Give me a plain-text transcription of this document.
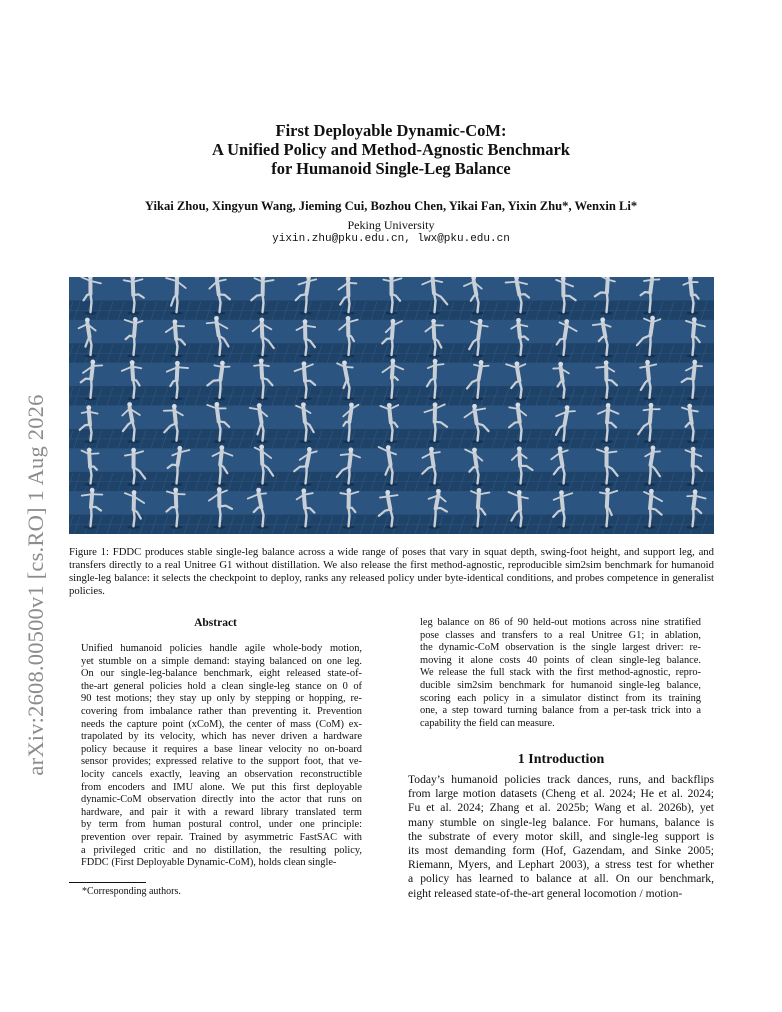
arXiv:2608.00500v1 [cs.RO] 1 Aug 2026
First Deployable Dynamic-CoM:
A Unified Policy and Method-Agnostic Benchmark
for Humanoid Single-Leg Balance
Yikai Zhou, Xingyun Wang, Jieming Cui, Bozhou Chen, Yikai Fan, Yixin Zhu*, Wenxin Li*
Peking University
yixin.zhu@pku.edu.cn, lwx@pku.edu.cn
Figure 1: FDDC produces stable single-leg balance across a wide range of poses that vary in squat depth, swing-foot height, and support leg, and transfers directly to a real Unitree G1 without distillation. We also release the first method-agnostic, reproducible sim2sim benchmark for humanoid single-leg balance: it selects the checkpoint to deploy, ranks any released policy under byte-identical conditions, and probes competence in generalist policies.
Abstract
Unified humanoid policies handle agile whole-body motion,
yet stumble on a simple demand: staying balanced on one leg.
On our single-leg-balance benchmark, eight released state-of-
the-art general policies hold a clean single-leg stance on 0 of
90 test motions; they stay up only by stepping or hopping, re-
covering from imbalance rather than preventing it. Prevention
needs the capture point (xCoM), the center of mass (CoM) ex-
trapolated by its velocity, which has never driven a hardware
policy because it requires a base linear velocity no on-board
sensor provides; expressed relative to the support foot, that ve-
locity cancels exactly, leaving an observation reconstructible
from encoders and IMU alone. We put this first deployable
dynamic-CoM observation directly into the actor that runs on
hardware, and pair it with a reward library translated term
by term from human postural control, under one principle:
prevention over repair. Trained by asymmetric FastSAC with
a privileged critic and no distillation, the resulting policy,
FDDC (First Deployable Dynamic-CoM), holds clean single-
leg balance on 86 of 90 held-out motions across nine stratified
pose classes and transfers to a real Unitree G1; in ablation,
the dynamic-CoM observation is the single largest driver: re-
moving it alone costs 40 points of clean single-leg balance.
We release the full stack with the first method-agnostic, repro-
ducible sim2sim benchmark for humanoid single-leg balance,
scoring each policy in a simulator distinct from its training
one, a step toward turning balance from a per-task trick into a
capability the field can measure.
1 Introduction
Today’s humanoid policies track dances, runs, and backflips
from large motion datasets (Cheng et al. 2024; He et al. 2024;
Fu et al. 2024; Zhang et al. 2025b; Wang et al. 2026b), yet
many stumble on single-leg balance. For humans, balance is
the substrate of every motor skill, and single-leg support is
its most demanding form (Hof, Gazendam, and Sinke 2005;
Riemann, Myers, and Lephart 2003), a stress test for whether
a policy has learned to balance at all. On our benchmark,
eight released state-of-the-art general locomotion / motion-
*Corresponding authors.
